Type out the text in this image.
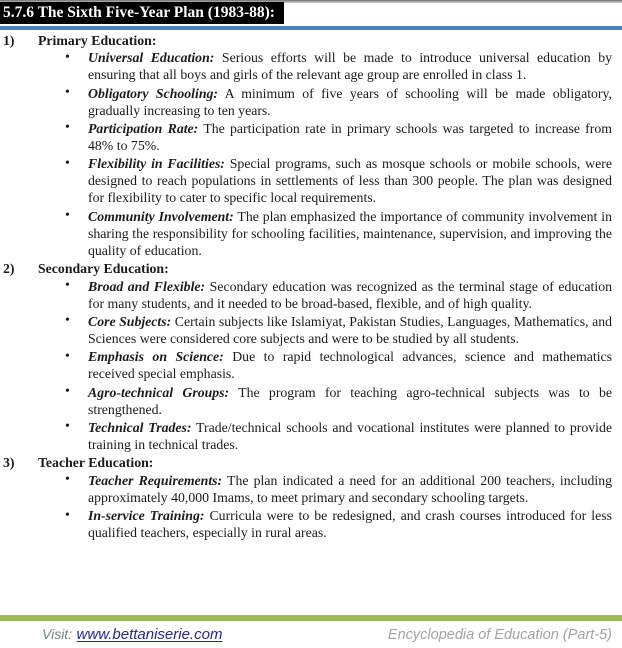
5.7.6 The Sixth Five-Year Plan (1983-88):
1)	Primary Education:
• Universal Education: Serious efforts will be made to introduce universal education by ensuring that all boys and girls of the relevant age group are enrolled in class 1.
• Obligatory Schooling: A minimum of five years of schooling will be made obligatory, gradually increasing to ten years.
• Participation Rate: The participation rate in primary schools was targeted to increase from 48% to 75%.
• Flexibility in Facilities: Special programs, such as mosque schools or mobile schools, were designed to reach populations in settlements of less than 300 people. The plan was designed for flexibility to cater to specific local requirements.
• Community Involvement: The plan emphasized the importance of community involvement in sharing the responsibility for schooling facilities, maintenance, supervision, and improving the quality of education.
2)	Secondary Education:
• Broad and Flexible: Secondary education was recognized as the terminal stage of education for many students, and it needed to be broad-based, flexible, and of high quality.
• Core Subjects: Certain subjects like Islamiyat, Pakistan Studies, Languages, Mathematics, and Sciences were considered core subjects and were to be studied by all students.
• Emphasis on Science: Due to rapid technological advances, science and mathematics received special emphasis.
• Agro-technical Groups: The program for teaching agro-technical subjects was to be strengthened.
• Technical Trades: Trade/technical schools and vocational institutes were planned to provide training in technical trades.
3)	Teacher Education:
• Teacher Requirements: The plan indicated a need for an additional 200 teachers, including approximately 40,000 Imams, to meet primary and secondary schooling targets.
• In-service Training: Curricula were to be redesigned, and crash courses introduced for less qualified teachers, especially in rural areas.
Visit: www.bettaniserie.com	Encyclopedia of Education (Part-5)
